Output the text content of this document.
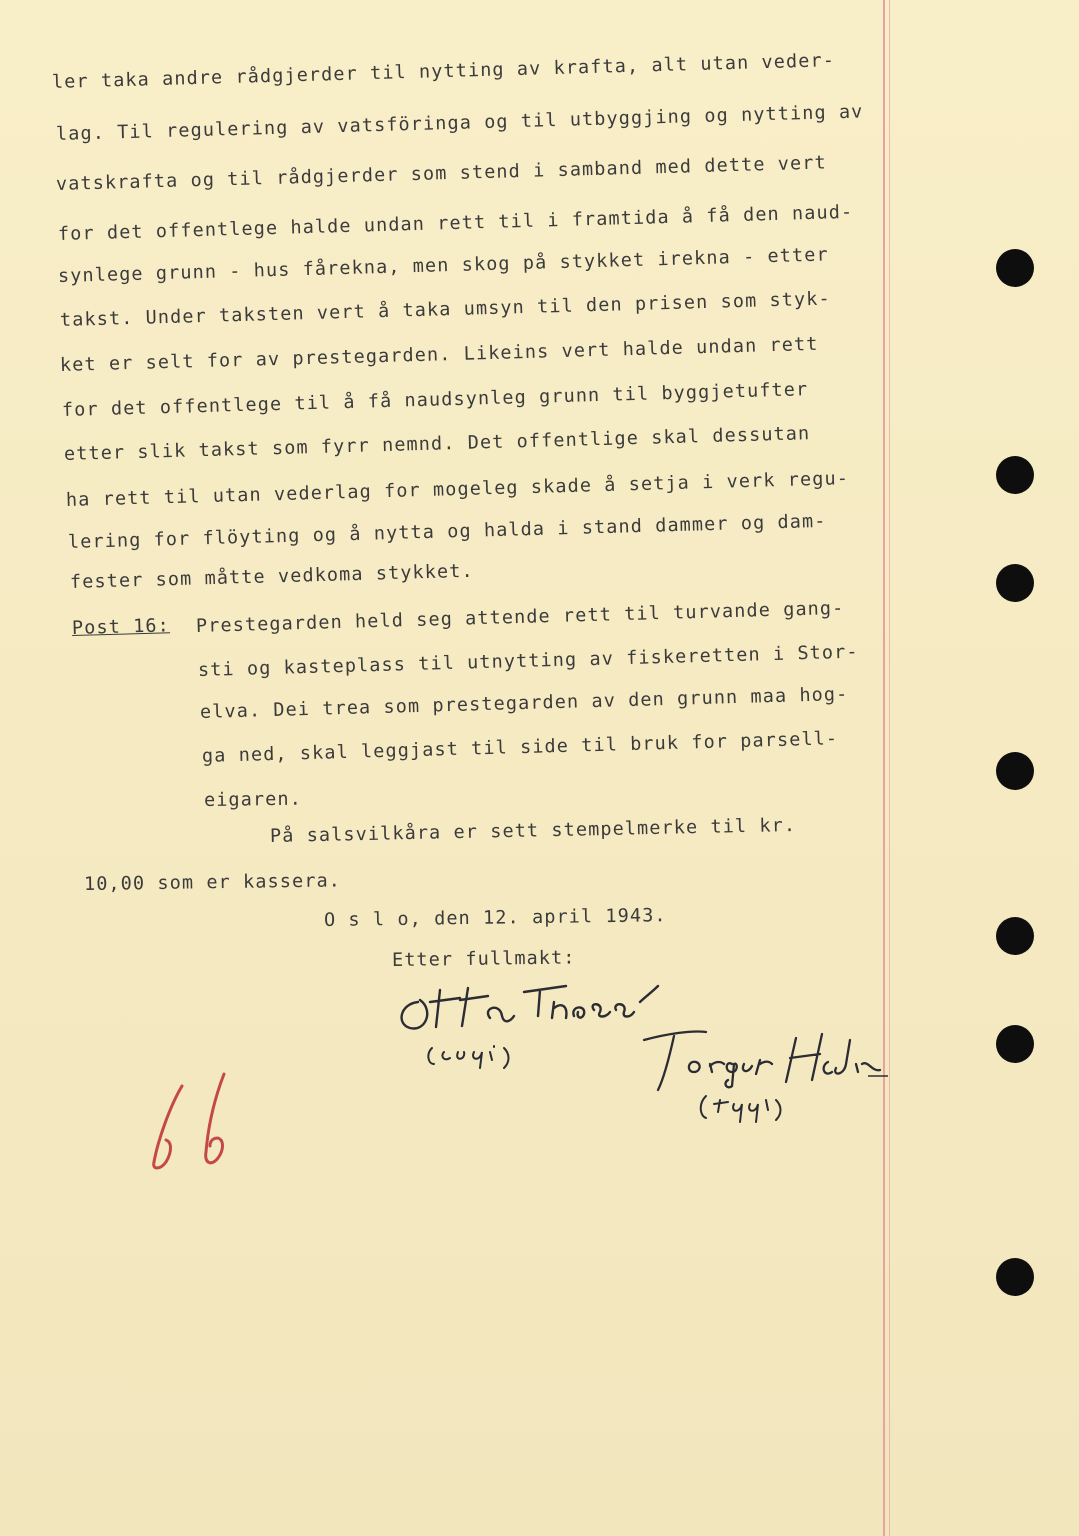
ler taka andre rådgjerder til nytting av krafta, alt utan veder-
lag. Til regulering av vatsföringa og til utbyggjing og nytting av
vatskrafta og til rådgjerder som stend i samband med dette vert
for det offentlege halde undan rett til i framtida å få den naud-
synlege grunn - hus fårekna, men skog på stykket irekna - etter
takst. Under taksten vert å taka umsyn til den prisen som styk-
ket er selt for av prestegarden. Likeins vert halde undan rett
for det offentlege til å få naudsynleg grunn til byggjetufter
etter slik takst som fyrr nemnd. Det offentlige skal dessutan
ha rett til utan vederlag for mogeleg skade å setja i verk regu-
lering for flöyting og å nytta og halda i stand dammer og dam-
fester som måtte vedkoma stykket.
Post 16: Prestegarden held seg attende rett til turvande gang-
sti og kasteplass til utnytting av fiskeretten i Stor-
elva. Dei trea som prestegarden av den grunn maa hog-
ga ned, skal leggjast til side til bruk for parsell-
eigaren.
På salsvilkåra er sett stempelmerke til kr.
10,00 som er kassera.
O s l o, den 12. april 1943.
Etter fullmakt:
